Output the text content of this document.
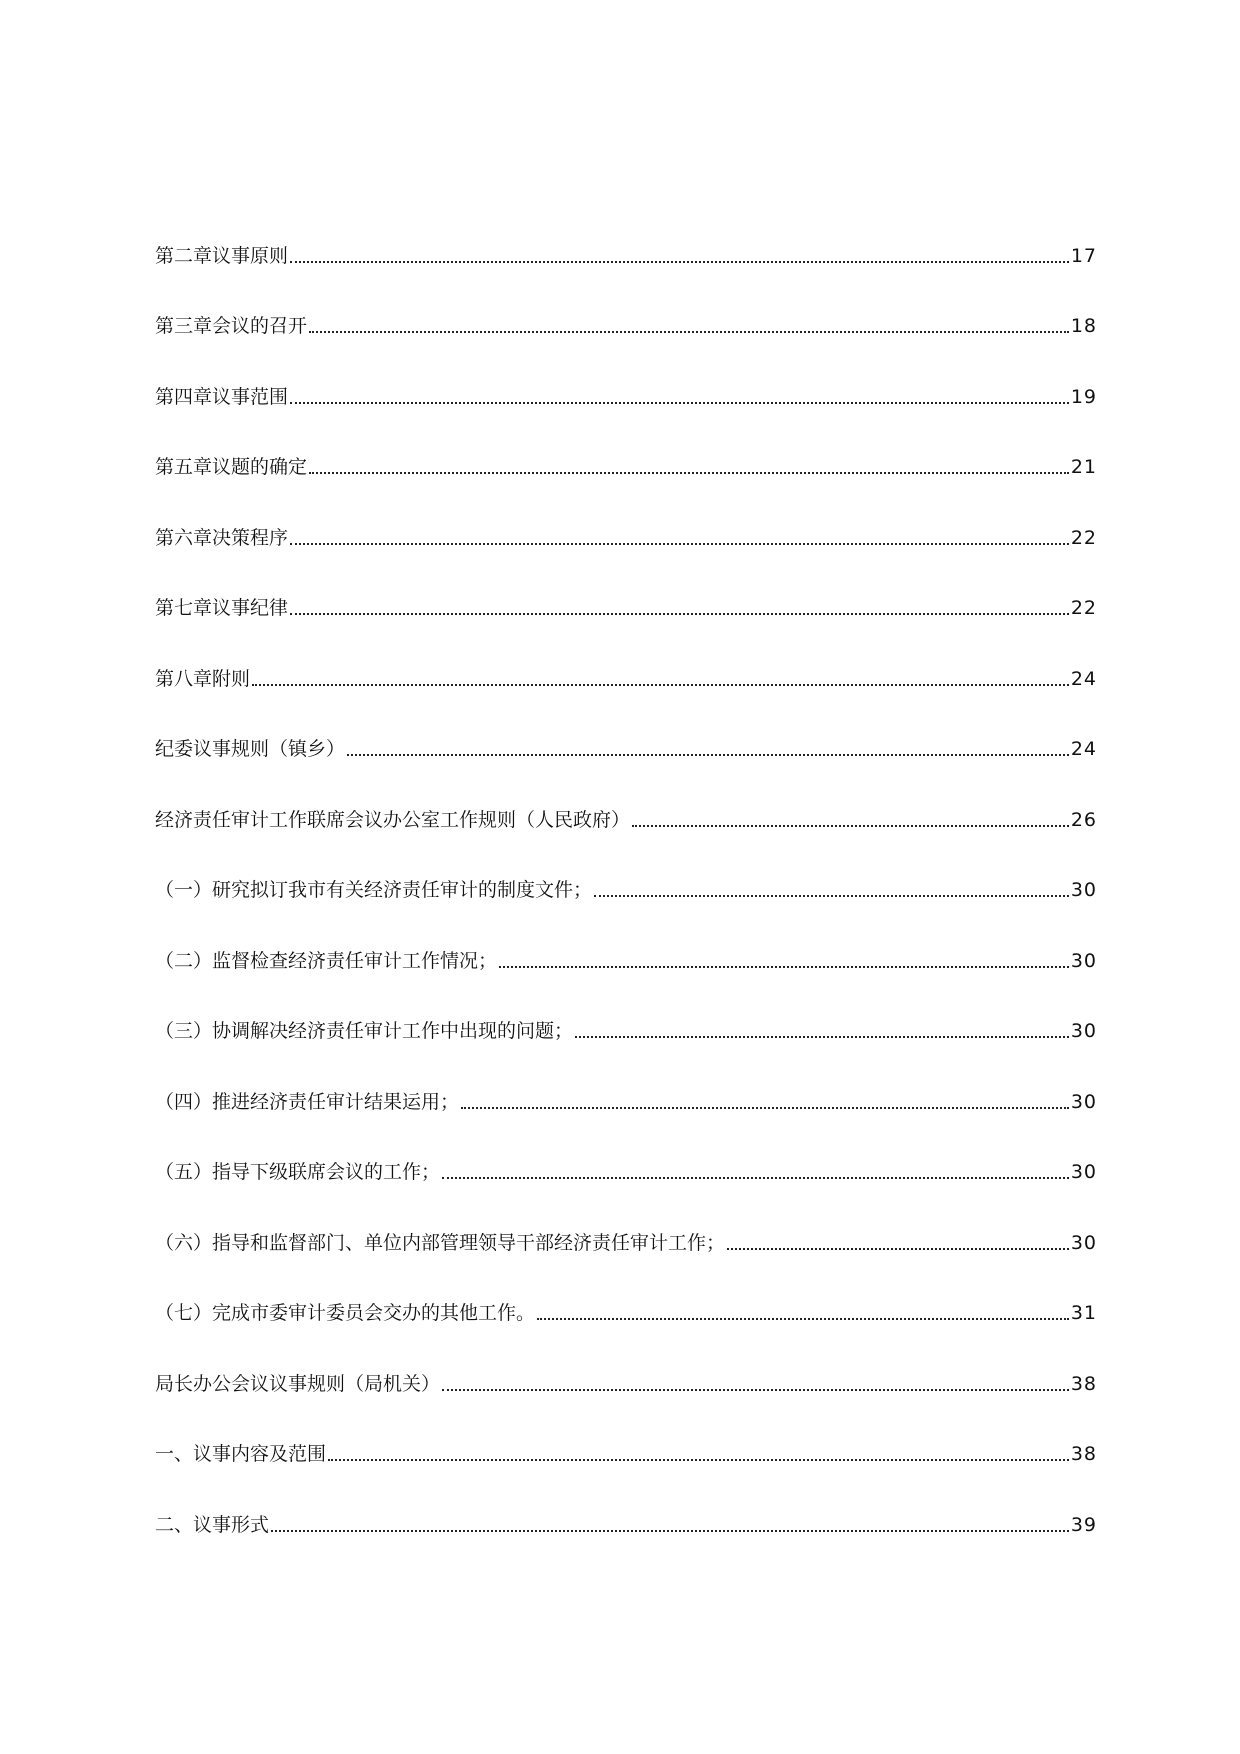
第二章议事原则	17
第三章会议的召开	18
第四章议事范围	19
第五章议题的确定	21
第六章决策程序	22
第七章议事纪律	22
第八章附则	24
纪委议事规则（镇乡）	24
经济责任审计工作联席会议办公室工作规则（人民政府）	26
（一）研究拟订我市有关经济责任审计的制度文件；	30
（二）监督检查经济责任审计工作情况；	30
（三）协调解决经济责任审计工作中出现的问题；	30
（四）推进经济责任审计结果运用；	30
（五）指导下级联席会议的工作；	30
（六）指导和监督部门、单位内部管理领导干部经济责任审计工作；	30
（七）完成市委审计委员会交办的其他工作。	31
局长办公会议议事规则（局机关）	38
一、议事内容及范围	38
二、议事形式	39
